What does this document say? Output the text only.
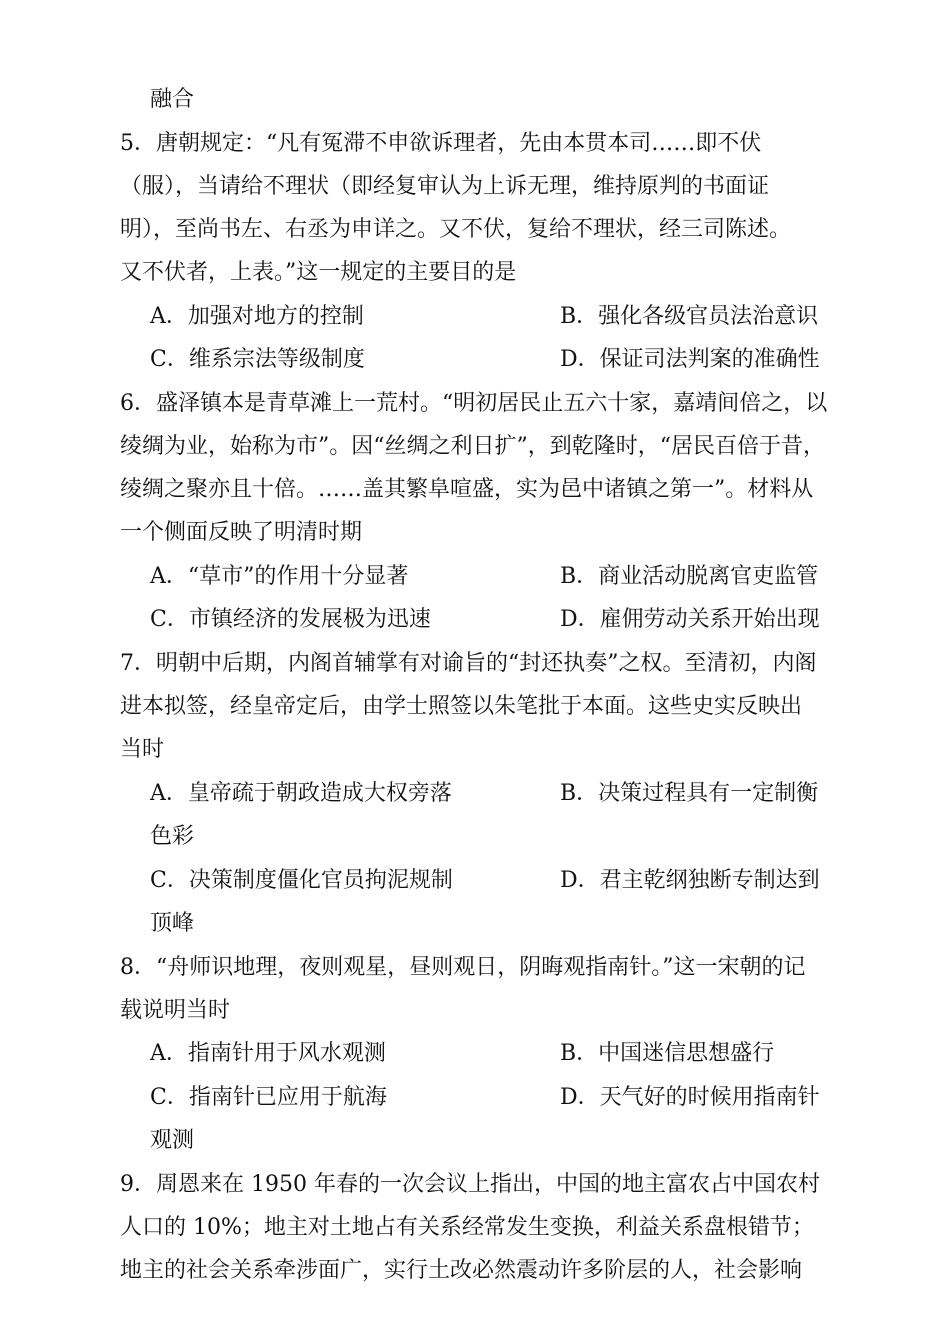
融合
5．唐朝规定：“凡有冤滞不申欲诉理者，先由本贯本司……即不伏
（服），当请给不理状（即经复审认为上诉无理，维持原判的书面证
明），至尚书左、右丞为申详之。又不伏，复给不理状，经三司陈述。
又不伏者，上表。”这一规定的主要目的是
A．加强对地方的控制	B．强化各级官员法治意识
C．维系宗法等级制度	D．保证司法判案的准确性
6．盛泽镇本是青草滩上一荒村。“明初居民止五六十家，嘉靖间倍之，以
绫绸为业，始称为市”。因“丝绸之利日扩”，到乾隆时，“居民百倍于昔，
绫绸之聚亦且十倍。……盖其繁阜喧盛，实为邑中诸镇之第一”。材料从
一个侧面反映了明清时期
A．“草市”的作用十分显著	B．商业活动脱离官吏监管
C．市镇经济的发展极为迅速	D．雇佣劳动关系开始出现
7．明朝中后期，内阁首辅掌有对谕旨的“封还执奏”之权。至清初，内阁
进本拟签，经皇帝定后，由学士照签以朱笔批于本面。这些史实反映出
当时
A．皇帝疏于朝政造成大权旁落	B．决策过程具有一定制衡
色彩
C．决策制度僵化官员拘泥规制	D．君主乾纲独断专制达到
顶峰
8．“舟师识地理，夜则观星，昼则观日，阴晦观指南针。”这一宋朝的记
载说明当时
A．指南针用于风水观测	B．中国迷信思想盛行
C．指南针已应用于航海	D．天气好的时候用指南针
观测
9．周恩来在 1950 年春的一次会议上指出，中国的地主富农占中国农村
人口的 10%；地主对土地占有关系经常发生变换，利益关系盘根错节；
地主的社会关系牵涉面广，实行土改必然震动许多阶层的人，社会影响
